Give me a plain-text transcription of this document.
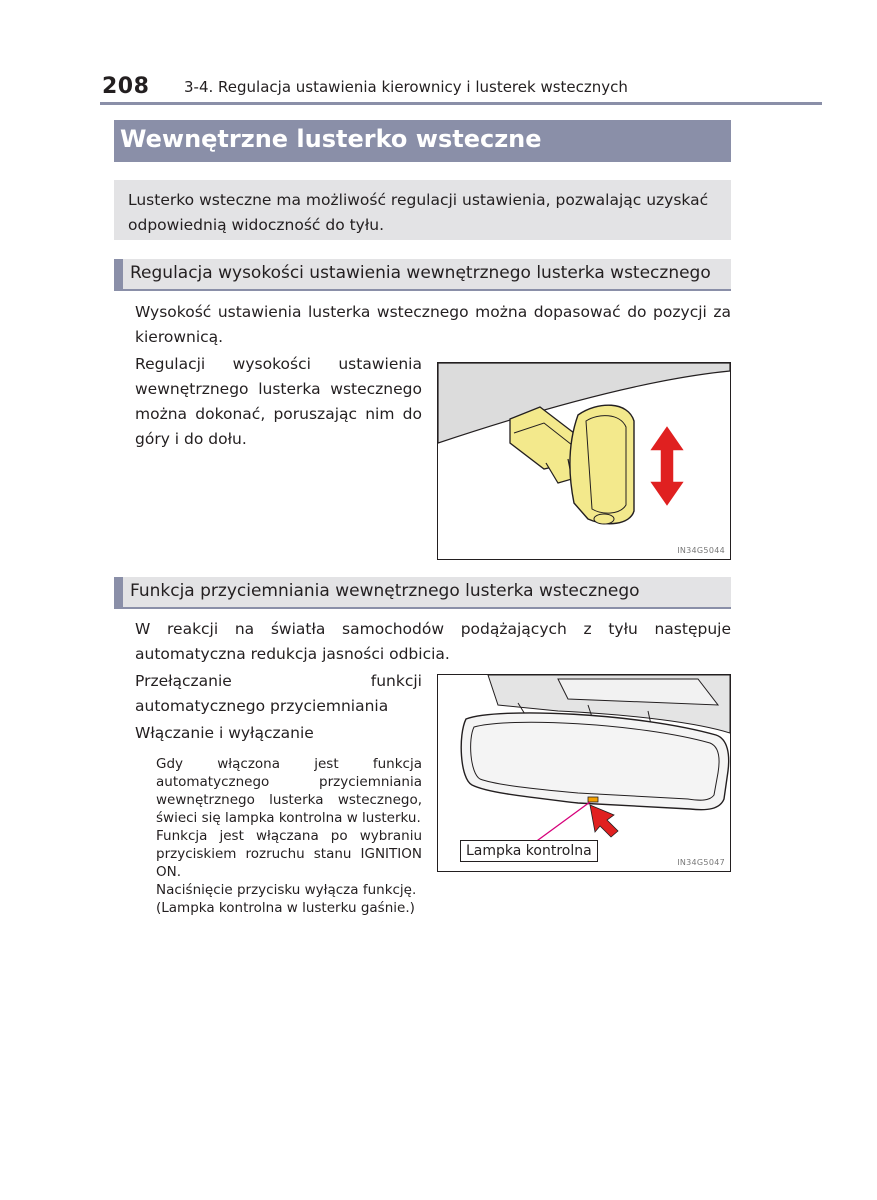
208 3-4. Regulacja ustawienia kierownicy i lusterek wstecznych
Wewnętrzne lusterko wsteczne
Lusterko wsteczne ma możliwość regulacji ustawienia, pozwalając uzyskać
odpowiednią widoczność do tyłu.
Regulacja wysokości ustawienia wewnętrznego lusterka wstecznego
Wysokość ustawienia lusterka wstecznego można dopasować do pozycji za kierownicą.
Regulacji wysokości ustawienia wewnętrznego lusterka wstecznego można dokonać, poruszając nim do góry i do dołu.
IN34G5044
Funkcja przyciemniania wewnętrznego lusterka wstecznego
W reakcji na światła samochodów podążających z tyłu następuje automatyczna redukcja jasności odbicia.
Przełączanie funkcji automatycznego przyciemniania
Włączanie i wyłączanie
Gdy włączona jest funkcja automatycznego przyciemniania wewnętrznego lusterka wstecznego, świeci się lampka kontrolna w lusterku.
Funkcja jest włączana po wybraniu przyciskiem rozruchu stanu IGNITION ON.
Naciśnięcie przycisku wyłącza funkcję. (Lampka kontrolna w lusterku gaśnie.)
Lampka kontrolna
IN34G5047
